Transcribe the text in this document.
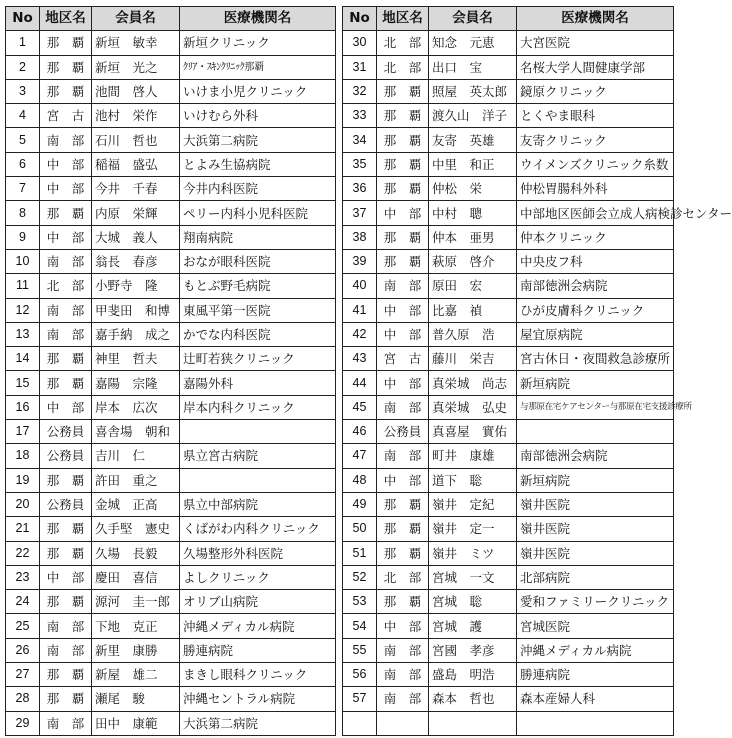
No	地区名	会員名	医療機関名
1	那　覇	新垣　敏幸	新垣クリニック
2	那　覇	新垣　光之	ｸﾘｱ・ｽｷﾝｸﾘﾆｯｸ那覇
3	那　覇	池間　啓人	いけま小児クリニック
4	宮　古	池村　栄作	いけむら外科
5	南　部	石川　哲也	大浜第二病院
6	中　部	稲福　盛弘	とよみ生協病院
7	中　部	今井　千春	今井内科医院
8	那　覇	内原　栄輝	ペリー内科小児科医院
9	中　部	大城　義人	翔南病院
10	南　部	翁長　春彦	おなが眼科医院
11	北　部	小野寺　隆	もとぶ野毛病院
12	南　部	甲斐田　和博	東風平第一医院
13	南　部	嘉手納　成之	かでな内科医院
14	那　覇	神里　哲夫	辻町若狭クリニック
15	那　覇	嘉陽　宗隆	嘉陽外科
16	中　部	岸本　広次	岸本内科クリニック
17	公務員	喜舎場　朝和	
18	公務員	吉川　仁	県立宮古病院
19	那　覇	許田　重之	
20	公務員	金城　正高	県立中部病院
21	那　覇	久手堅　憲史	くばがわ内科クリニック
22	那　覇	久場　長毅	久場整形外科医院
23	中　部	慶田　喜信	よしクリニック
24	那　覇	源河　圭一郎	オリブ山病院
25	南　部	下地　克正	沖縄メディカル病院
26	南　部	新里　康勝	勝連病院
27	那　覇	新屋　雄二	まきし眼科クリニック
28	那　覇	瀬尾　駿	沖縄セントラル病院
29	南　部	田中　康範	大浜第二病院
No	地区名	会員名	医療機関名
30	北　部	知念　元恵	大宮医院
31	北　部	出口　宝	名桜大学人間健康学部
32	那　覇	照屋　英太郎	鏡原クリニック
33	那　覇	渡久山　洋子	とくやま眼科
34	那　覇	友寄　英雄	友寄クリニック
35	那　覇	中里　和正	ウイメンズクリニック糸数
36	那　覇	仲松　栄	仲松胃腸科外科
37	中　部	中村　聰	中部地区医師会立成人病検診センター
38	那　覇	仲本　亜男	仲本クリニック
39	那　覇	萩原　啓介	中央皮フ科
40	南　部	原田　宏	南部徳洲会病院
41	中　部	比嘉　禎	ひが皮膚科クリニック
42	中　部	普久原　浩	屋宜原病院
43	宮　古	藤川　栄吉	宮古休日・夜間救急診療所
44	中　部	真栄城　尚志	新垣病院
45	南　部	真栄城　弘史	与那原在宅ケアセンター与那原在宅支援診療所
46	公務員	真喜屋　實佑	
47	南　部	町井　康雄	南部徳洲会病院
48	中　部	道下　聡	新垣病院
49	那　覇	嶺井　定紀	嶺井医院
50	那　覇	嶺井　定一	嶺井医院
51	那　覇	嶺井　ミツ	嶺井医院
52	北　部	宮城　一文	北部病院
53	那　覇	宮城　聡	愛和ファミリークリニック
54	中　部	宮城　護	宮城医院
55	南　部	宮國　孝彦	沖縄メディカル病院
56	南　部	盛島　明浩	勝連病院
57	南　部	森本　哲也	森本産婦人科
